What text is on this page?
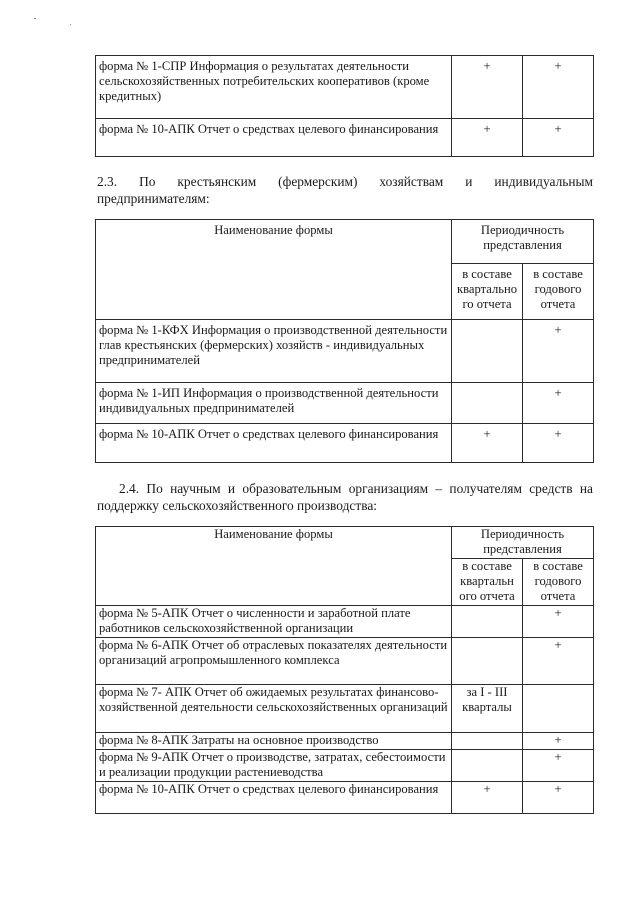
форма № 1-СПР Информация о результатах деятельности сельскохозяйственных потребительских кооперативов (кроме кредитных)	+	+
форма № 10-АПК Отчет о средствах целевого финансирования	+	+

2.3. По крестьянским (фермерским) хозяйствам и индивидуальным

предпринимателям:

Наименование формы	Периодичность представления	
	в составе квартально го отчета	в составе годового отчета
форма № 1-КФХ Информация о производственной деятельности глав крестьянских (фермерских) хозяйств - индивидуальных предпринимателей		+
форма № 1-ИП Информация о производственной деятельности индивидуальных предпринимателей		+
форма № 10-АПК Отчет о средствах целевого финансирования	+	+

2.4. По научным и образовательным организациям – получателям средств на поддержку сельскохозяйственного производства:

Наименование формы	Периодичность представления	
	в составе квартальн ого отчета	в составе годового отчета
форма № 5-АПК Отчет о численности и заработной плате работников сельскохозяйственной организации		+
форма № 6-АПК Отчет об отраслевых показателях деятельности организаций агропромышленного комплекса		+
форма № 7- АПК Отчет об ожидаемых результатах финансово-хозяйственной деятельности сельскохозяйственных организаций	за I - III кварталы	
форма № 8-АПК Затраты на основное производство		+
форма № 9-АПК Отчет о производстве, затратах, себестоимости и реализации продукции растениеводства		+
форма № 10-АПК Отчет о средствах целевого финансирования	+	+
